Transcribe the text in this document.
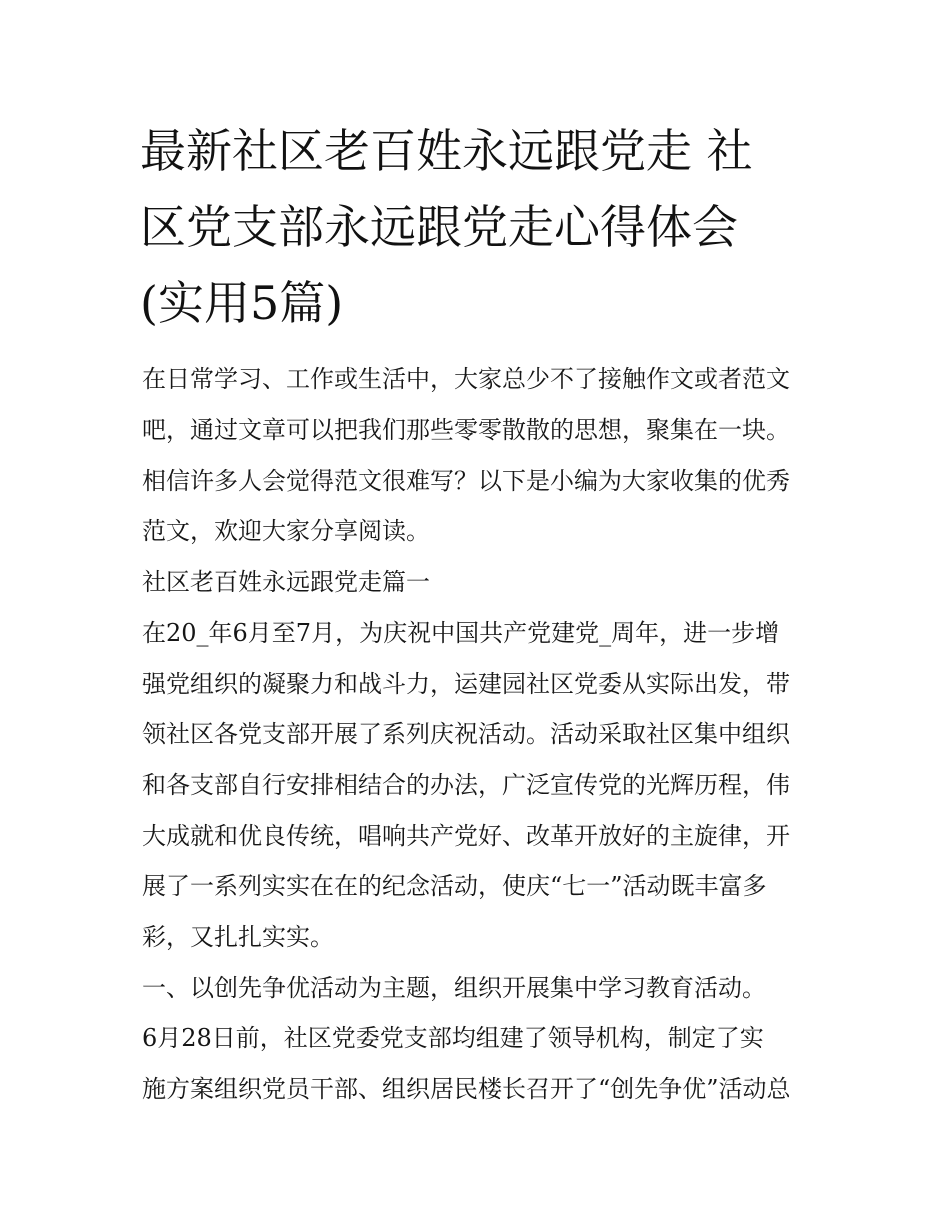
最新社区老百姓永远跟党走 社
区党支部永远跟党走心得体会
(实用5篇)

在日常学习、工作或生活中，大家总少不了接触作文或者范文

吧，通过文章可以把我们那些零零散散的思想，聚集在一块。

相信许多人会觉得范文很难写？以下是小编为大家收集的优秀

范文，欢迎大家分享阅读。

社区老百姓永远跟党走篇一

在20_年6月至7月，为庆祝中国共产党建党_周年，进一步增

强党组织的凝聚力和战斗力，运建园社区党委从实际出发，带

领社区各党支部开展了系列庆祝活动。活动采取社区集中组织

和各支部自行安排相结合的办法，广泛宣传党的光辉历程，伟

大成就和优良传统，唱响共产党好、改革开放好的主旋律，开

展了一系列实实在在的纪念活动，使庆“七一”活动既丰富多

彩，又扎扎实实。

一、以创先争优活动为主题，组织开展集中学习教育活动。

6月28日前，社区党委党支部均组建了领导机构，制定了实

施方案组织党员干部、组织居民楼长召开了“创先争优”活动总
